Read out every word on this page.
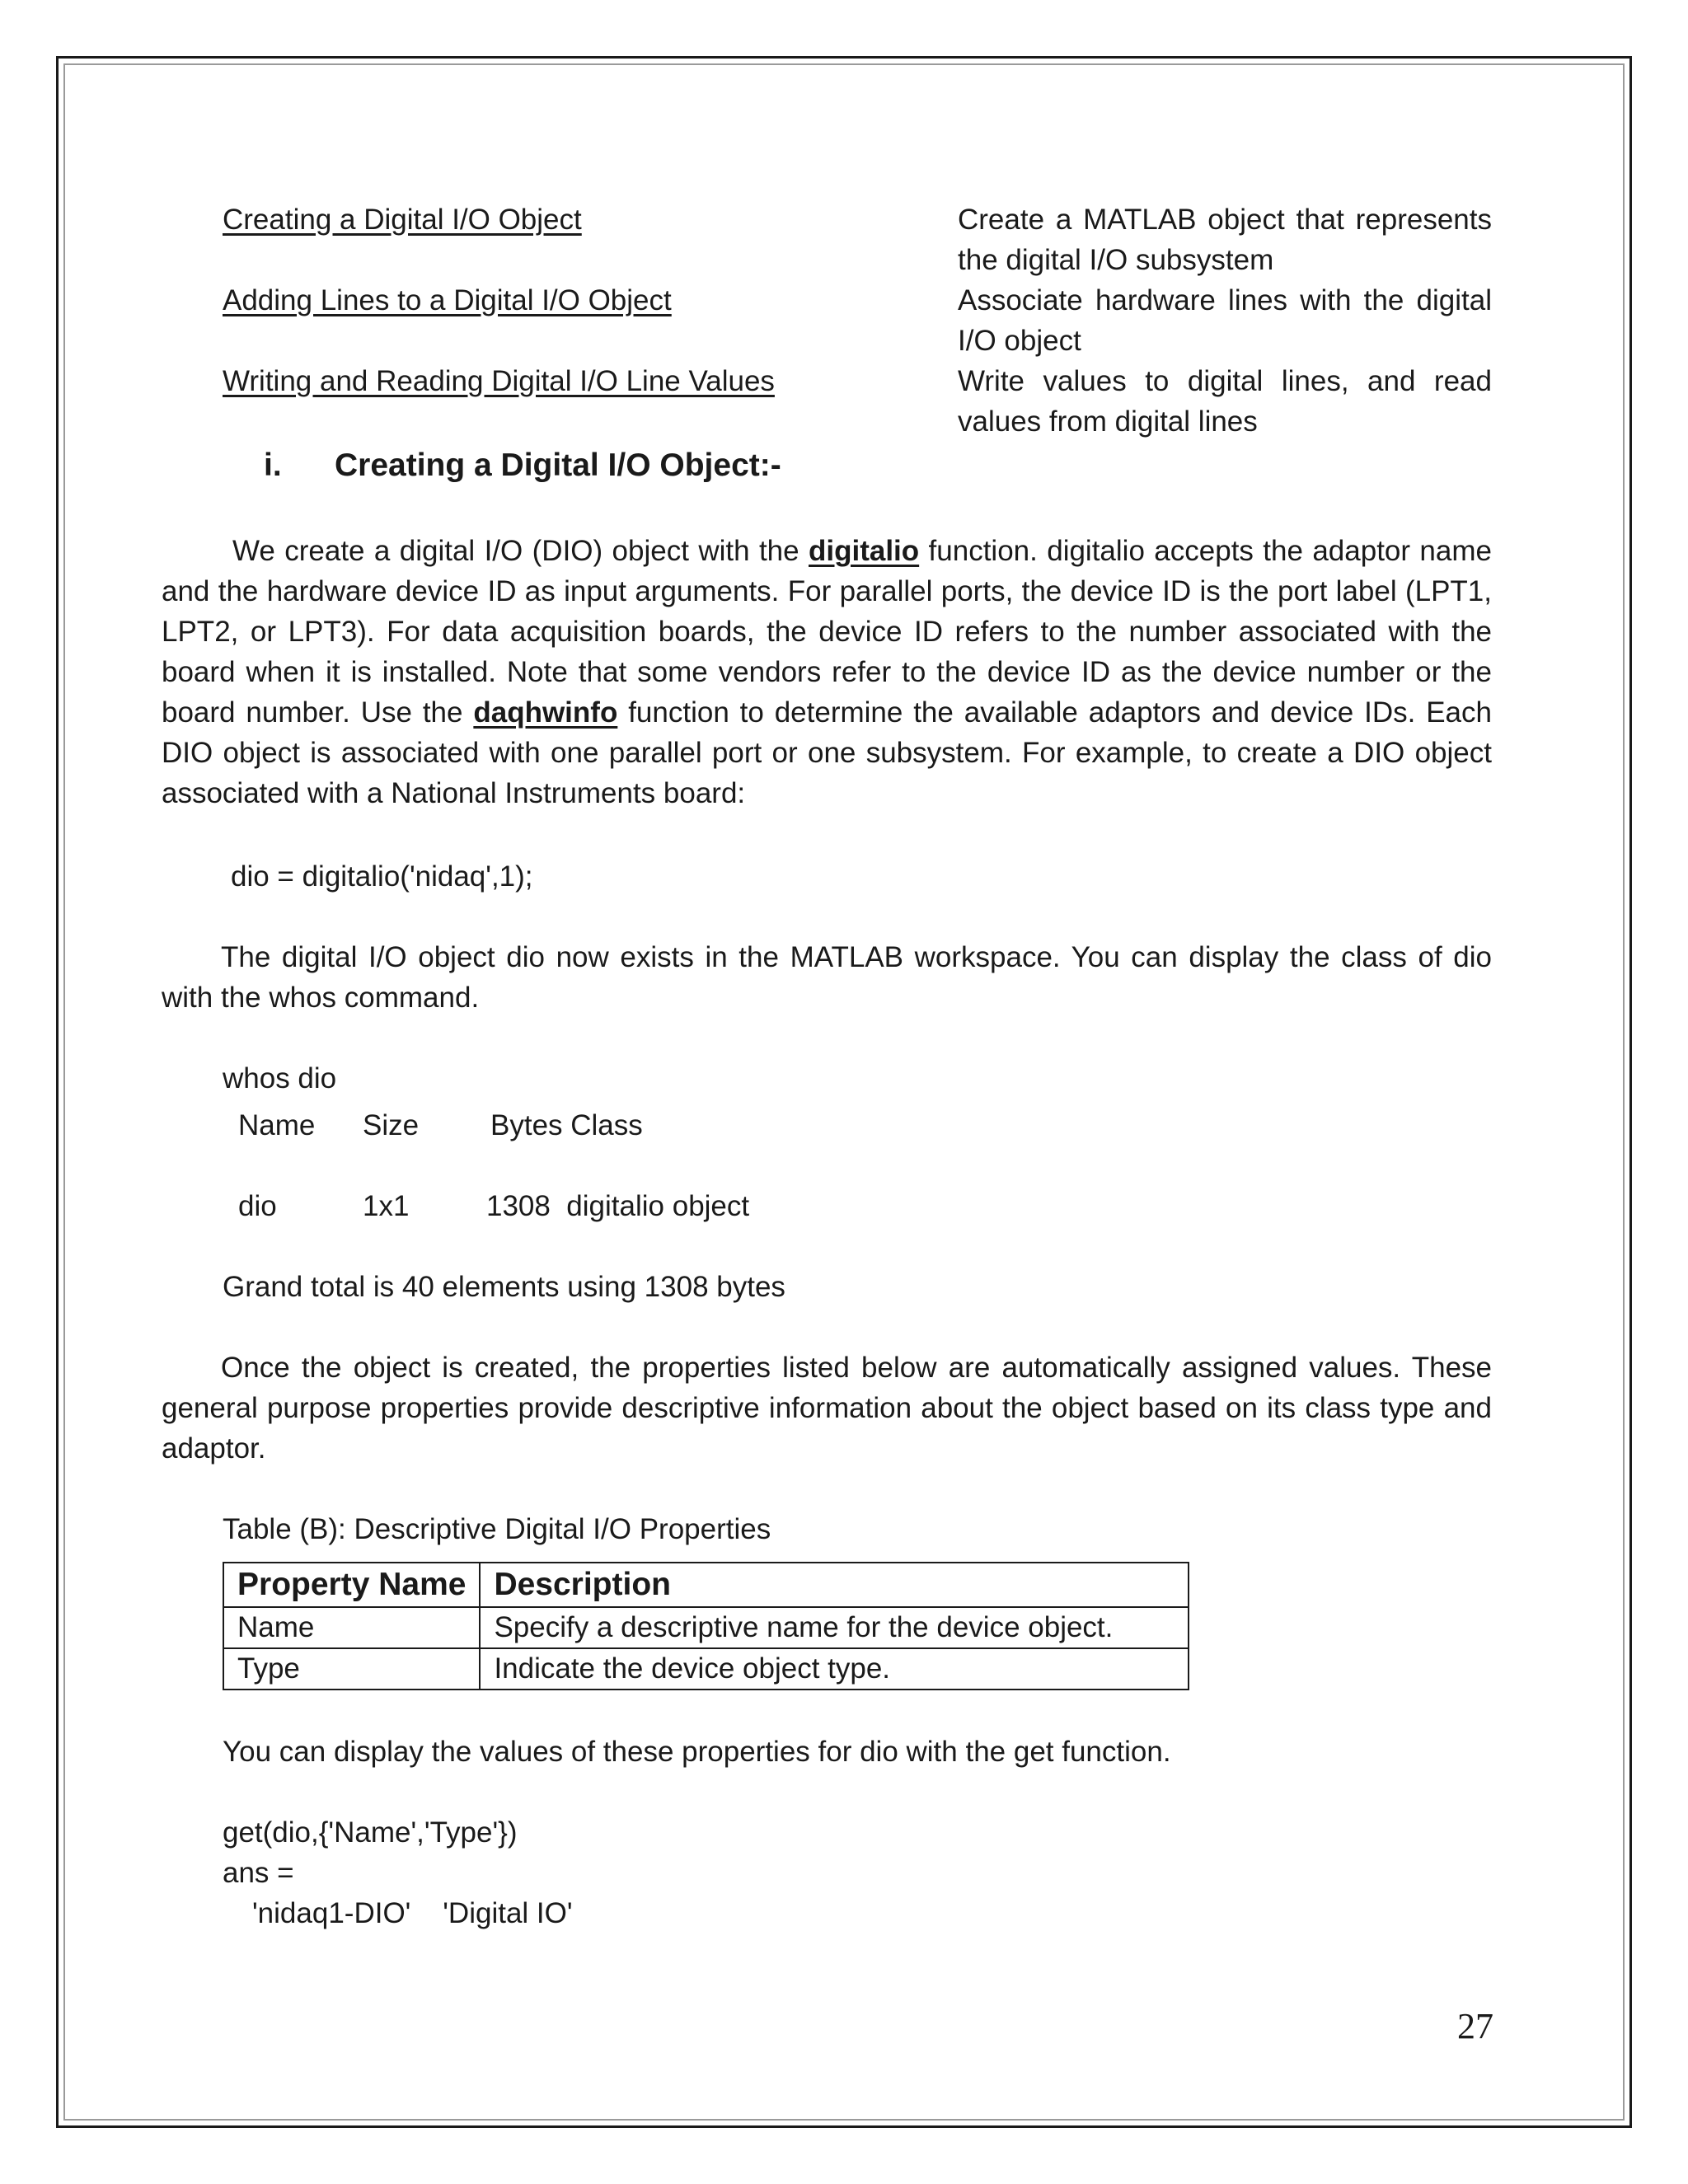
Creating a Digital I/O Object	Create a MATLAB object that represents the digital I/O subsystem
Adding Lines to a Digital I/O Object	Associate hardware lines with the digital I/O object
Writing and Reading Digital I/O Line Values	Write values to digital lines, and read values from digital lines
i. Creating a Digital I/O Object:-
We create a digital I/O (DIO) object with the digitalio function. digitalio accepts the adaptor name and the hardware device ID as input arguments. For parallel ports, the device ID is the port label (LPT1, LPT2, or LPT3). For data acquisition boards, the device ID refers to the number associated with the board when it is installed. Note that some vendors refer to the device ID as the device number or the board number. Use the daqhwinfo function to determine the available adaptors and device IDs. Each DIO object is associated with one parallel port or one subsystem. For example, to create a DIO object associated with a National Instruments board:
dio = digitalio('nidaq',1);
The digital I/O object dio now exists in the MATLAB workspace. You can display the class of dio with the whos command.
whos dio
Name Size Bytes Class
dio	1x1	1308  digitalio object
Grand total is 40 elements using 1308 bytes
Once the object is created, the properties listed below are automatically assigned values. These general purpose properties provide descriptive information about the object based on its class type and adaptor.
Table (B): Descriptive Digital I/O Properties
Property Name	Description
Name	Specify a descriptive name for the device object.
Type	Indicate the device object type.
You can display the values of these properties for dio with the get function.
get(dio,{'Name','Type'})
ans =
'nidaq1-DIO'    'Digital IO'
27
